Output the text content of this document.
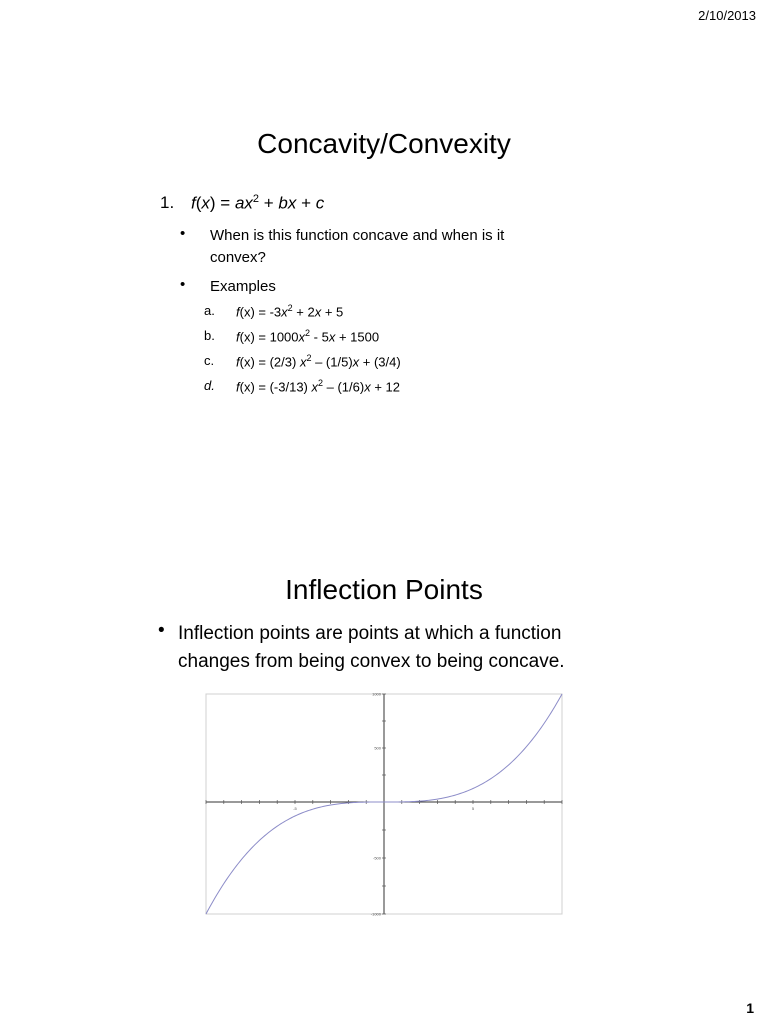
2/10/2013
Concavity/Convexity
1. $f(x) = ax^2$ + bx + c
• When is this function concave and when is it
convex?
• Examples
a. $f(x) = -3x^2 + 2x + 5$
b. $f(x) = 1000x^2 - 5x + 1500$
c. f(x) = (2/3) $x^2 - (1/5)x + (3/4)$
d. f(x) = (-3/13) $x^2 - (1/6)x + 12$
Inflection Points
• Inflection points are points at which a function
changes from being convex to being concave.
-5	5
1000
500
-500
-1000
1
